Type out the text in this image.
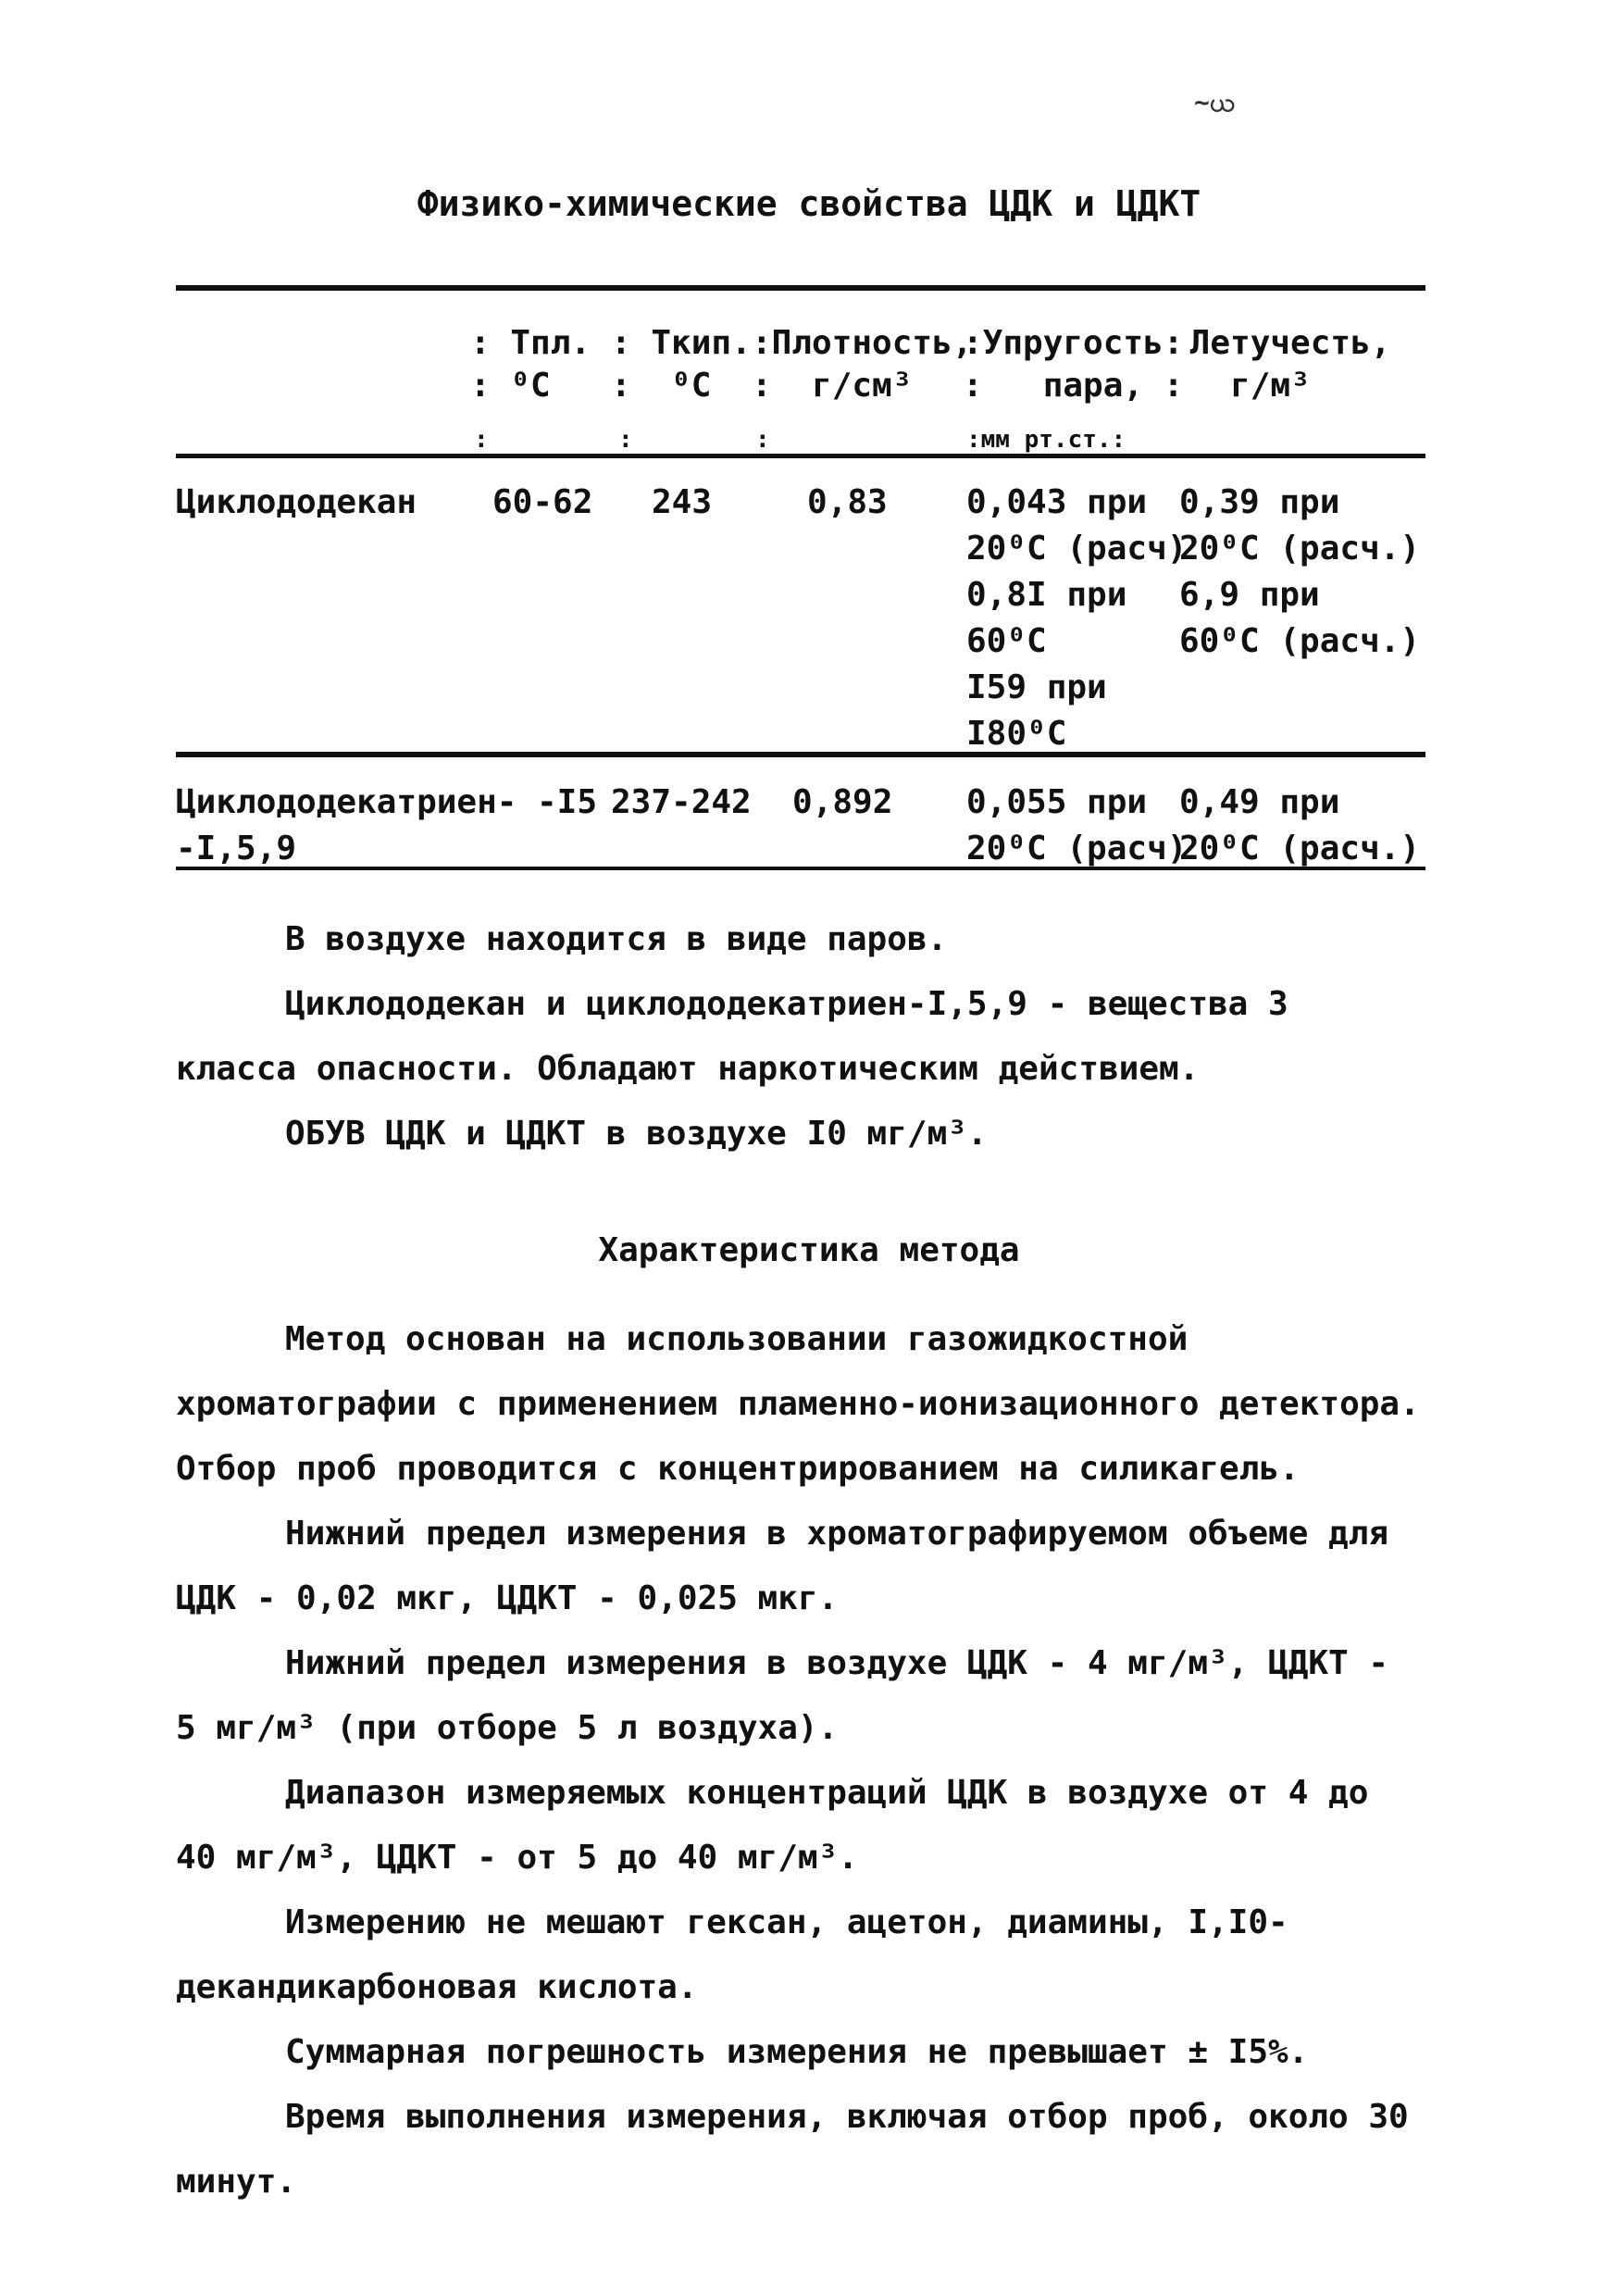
~ယ
Физико-химические свойства ЦДК и ЦДКТ
: Тпл.
: ⁰С
:
: Ткип.
:  ⁰С
:
:Плотность,
:  г/см³
:
:Упругость:
:   пара, :
:мм рт.ст.:
Летучесть,
г/м³
Циклододекан 60-62 243	0,83 0,043 при
20⁰С (расч)
0,8I при
60⁰С
I59 при
I80⁰С
0,39 при
20⁰С (расч.)
6,9 при
60⁰С (расч.)
Циклододекатриен-
-I,5,9
-I5 237-242 0,892 0,055 при
20⁰С (расч)
0,49 при
20⁰С (расч.)
В воздухе находится в виде паров.
Циклододекан и циклододекатриен-I,5,9 - вещества 3 класса опасности. Обладают наркотическим действием.
ОБУВ ЦДК и ЦДКТ в воздухе I0 мг/м³.
Характеристика метода
Метод основан на использовании газожидкостной хроматографии с применением пламенно-ионизационного детектора. Отбор проб проводится с концентрированием на силикагель.
Нижний предел измерения в хроматографируемом объеме для ЦДК - 0,02 мкг, ЦДКТ - 0,025 мкг.
Нижний предел измерения в воздухе ЦДК - 4 мг/м³, ЦДКТ - 5 мг/м³ (при отборе 5 л воздуха).
Диапазон измеряемых концентраций ЦДК в воздухе от 4 до 40 мг/м³, ЦДКТ - от 5 до 40 мг/м³.
Измерению не мешают гексан, ацетон, диамины, I,I0-декандикарбоновая кислота.
Суммарная погрешность измерения не превышает ± I5%.
Время выполнения измерения, включая отбор проб, около 30 минут.
